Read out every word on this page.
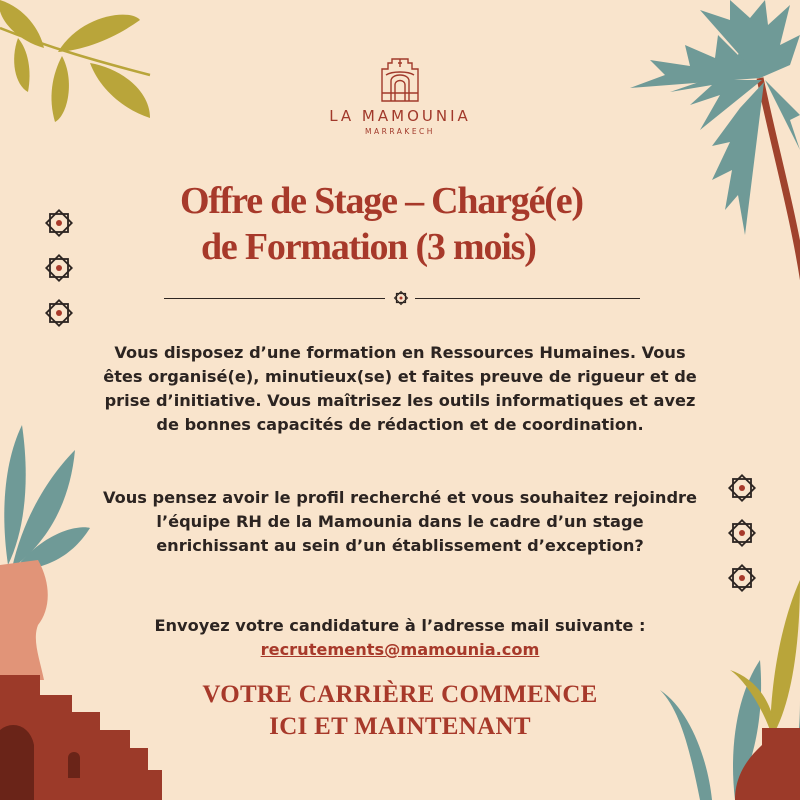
LA MAMOUNIA
MARRAKECH
Offre de Stage – Chargé(e)
de Formation (3 mois)

Vous disposez d’une formation en Ressources Humaines. Vous êtes organisé(e), minutieux(se) et faites preuve de rigueur et de prise d’initiative. Vous maîtrisez les outils informatiques et avez de bonnes capacités de rédaction et de coordination.

Vous pensez avoir le profil recherché et vous souhaitez rejoindre l’équipe RH de la Mamounia dans le cadre d’un stage enrichissant au sein d’un établissement d’exception?

Envoyez votre candidature à l’adresse mail suivante :

recrutements@mamounia.com
VOTRE CARRIÈRE COMMENCE
ICI ET MAINTENANT
